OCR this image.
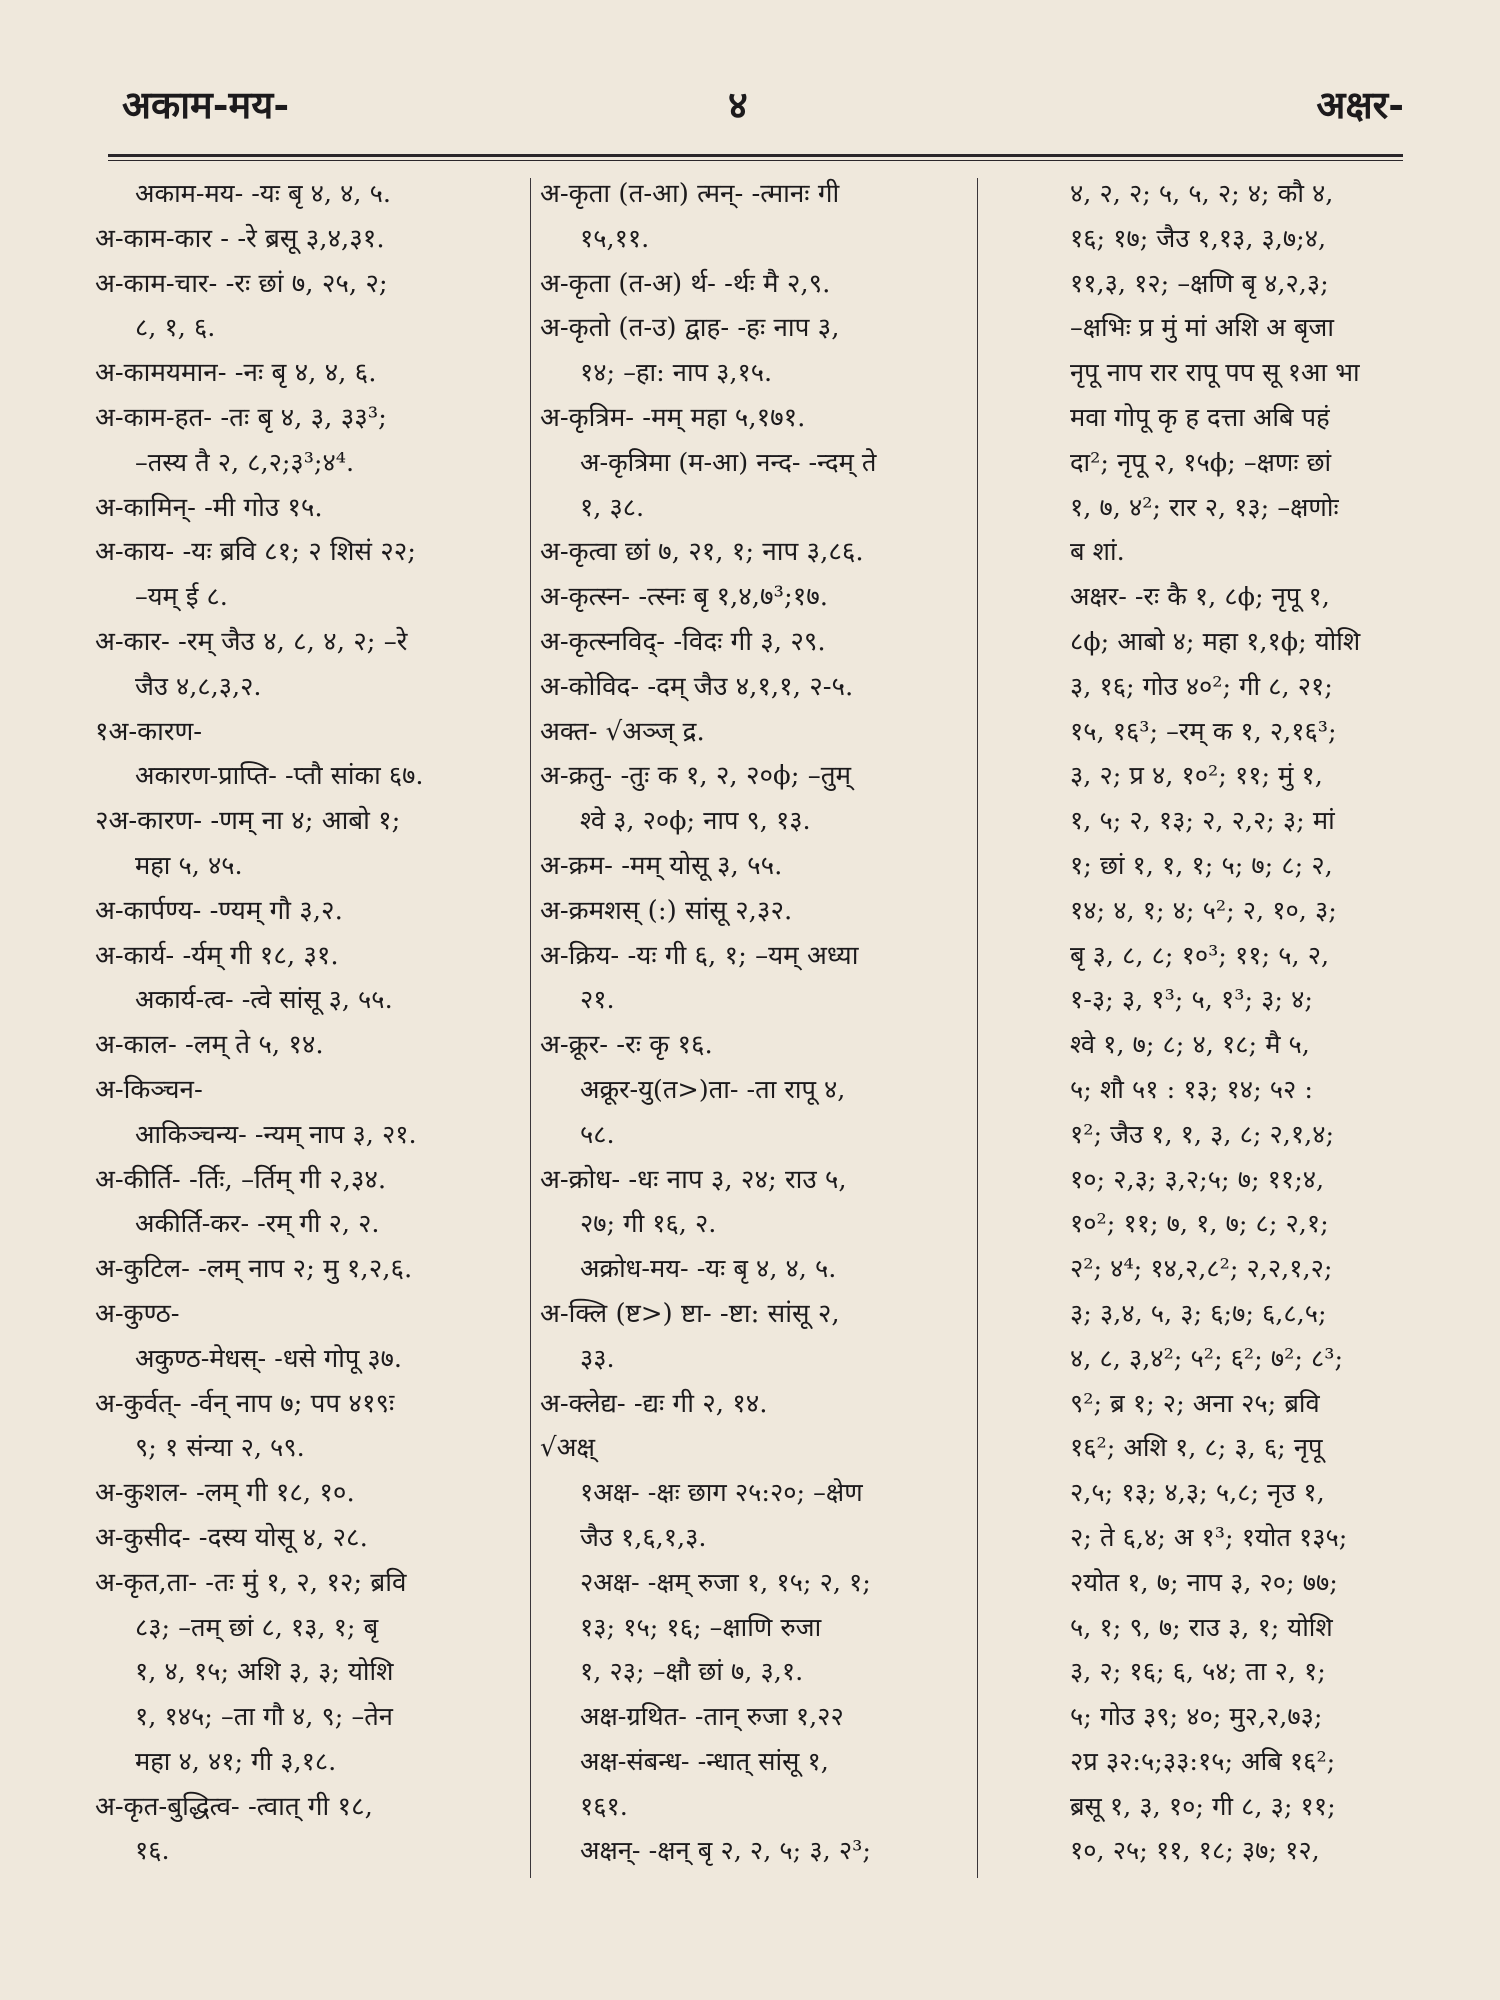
अकाम-मय-	४	अक्षर-
अकाम-मय- -यः बृ ४, ४, ५.
अ-काम-कार - -रे ब्रसू ३,४,३१.
अ-काम-चार- -रः छां ७, २५, २;
८, १, ६.
अ-कामयमान- -नः बृ ४, ४, ६.
अ-काम-हत- -तः बृ ४, ३, ३३³;
–तस्य तै २, ८,२;३³;४⁴.
अ-कामिन्- -मी गोउ १५.
अ-काय- -यः ब्रवि ८१; २ शिसं २२;
–यम् ई ८.
अ-कार- -रम् जैउ ४, ८, ४, २; –रे
जैउ ४,८,३,२.
१अ-कारण-
अकारण-प्राप्ति- -प्तौ सांका ६७.
२अ-कारण- -णम् ना ४; आबो १;
महा ५, ४५.
अ-कार्पण्य- -ण्यम् गौ ३,२.
अ-कार्य- -र्यम् गी १८, ३१.
अकार्य-त्व- -त्वे सांसू ३, ५५.
अ-काल- -लम् ते ५, १४.
अ-किञ्चन-
आकिञ्चन्य- -न्यम् नाप ३, २१.
अ-कीर्ति- -र्तिः, –र्तिम् गी २,३४.
अकीर्ति-कर- -रम् गी २, २.
अ-कुटिल- -लम् नाप २; मु १,२,६.
अ-कुण्ठ-
अकुण्ठ-मेधस्- -धसे गोपू ३७.
अ-कुर्वत्- -र्वन् नाप ७; पप ४१९ः
९; १ संन्या २, ५९.
अ-कुशल- -लम् गी १८, १०.
अ-कुसीद- -दस्य योसू ४, २८.
अ-कृत,ता- -तः मुं १, २, १२; ब्रवि
८३; –तम् छां ८, १३, १; बृ
१, ४, १५; अशि ३, ३; योशि
१, १४५; –ता गौ ४, ९; –तेन
महा ४, ४१; गी ३,१८.
अ-कृत-बुद्धित्व- -त्वात् गी १८,
१६.
अ-कृता (त-आ) त्मन्- -त्मानः गी
१५,११.
अ-कृता (त-अ) र्थ- -र्थः मै २,९.
अ-कृतो (त-उ) द्वाह- -हः नाप ३,
१४; –हा: नाप ३,१५.
अ-कृत्रिम- -मम् महा ५,१७१.
अ-कृत्रिमा (म-आ) नन्द- -न्दम् ते
१, ३८.
अ-कृत्वा छां ७, २१, १; नाप ३,८६.
अ-कृत्स्न- -त्स्नः बृ १,४,७³;१७.
अ-कृत्स्नविद्- -विदः गी ३, २९.
अ-कोविद- -दम् जैउ ४,१,१, २-५.
अक्त- √अञ्ज् द्र.
अ-क्रतु- -तुः क १, २, २०ϕ; –तुम्
श्वे ३, २०ϕ; नाप ९, १३.
अ-क्रम- -मम् योसू ३, ५५.
अ-क्रमशस् (:) सांसू २,३२.
अ-क्रिय- -यः गी ६, १; –यम् अध्या
२१.
अ-क्रूर- -रः कृ १६.
अक्रूर-यु(त>)ता- -ता रापू ४,
५८.
अ-क्रोध- -धः नाप ३, २४; राउ ५,
२७; गी १६, २.
अक्रोध-मय- -यः बृ ४, ४, ५.
अ-क्लि (ष्ट>) ष्टा- -ष्टा: सांसू २,
३३.
अ-क्लेद्य- -द्यः गी २, १४.
√अक्ष्
१अक्ष- -क्षः छाग २५:२०; –क्षेण
जैउ १,६,१,३.
२अक्ष- -क्षम् रुजा १, १५; २, १;
१३; १५; १६; –क्षाणि रुजा
१, २३; –क्षौ छां ७, ३,१.
अक्ष-ग्रथित- -तान् रुजा १,२२
अक्ष-संबन्ध- -न्धात् सांसू १,
१६१.
अक्षन्- -क्षन् बृ २, २, ५; ३, २³;
४, २, २; ५, ५, २; ४; कौ ४,
१६; १७; जैउ १,१३, ३,७;४,
११,३, १२; –क्षणि बृ ४,२,३;
–क्षभिः प्र मुं मां अशि अ बृजा
नृपू नाप रार रापू पप सू १आ भा
मवा गोपू कृ ह दत्ता अबि पहं
दा²; नृपू २, १५ϕ; –क्षणः छां
१, ७, ४²; रार २, १३; –क्षणोः
ब शां.
अक्षर- -रः कै १, ८ϕ; नृपू १,
८ϕ; आबो ४; महा १,१ϕ; योशि
३, १६; गोउ ४०²; गी ८, २१;
१५, १६³; –रम् क १, २,१६³;
३, २; प्र ४, १०²; ११; मुं १,
१, ५; २, १३; २, २,२; ३; मां
१; छां १, १, १; ५; ७; ८; २,
१४; ४, १; ४; ५²; २, १०, ३;
बृ ३, ८, ८; १०³; ११; ५, २,
१-३; ३, १³; ५, १³; ३; ४;
श्वे १, ७; ८; ४, १८; मै ५,
५; शौ ५१ : १३; १४; ५२ :
१²; जैउ १, १, ३, ८; २,१,४;
१०; २,३; ३,२;५; ७; ११;४,
१०²; ११; ७, १, ७; ८; २,१;
२²; ४⁴; १४,२,८²; २,२,१,२;
३; ३,४, ५, ३; ६;७; ६,८,५;
४, ८, ३,४²; ५²; ६²; ७²; ८³;
९²; ब्र १; २; अना २५; ब्रवि
१६²; अशि १, ८; ३, ६; नृपू
२,५; १३; ४,३; ५,८; नृउ १,
२; ते ६,४; अ १³; १योत १३५;
२योत १, ७; नाप ३, २०; ७७;
५, १; ९, ७; राउ ३, १; योशि
३, २; १६; ६, ५४; ता २, १;
५; गोउ ३९; ४०; मु२,२,७३;
२प्र ३२:५;३३:१५; अबि १६²;
ब्रसू १, ३, १०; गी ८, ३; ११;
१०, २५; ११, १८; ३७; १२,
